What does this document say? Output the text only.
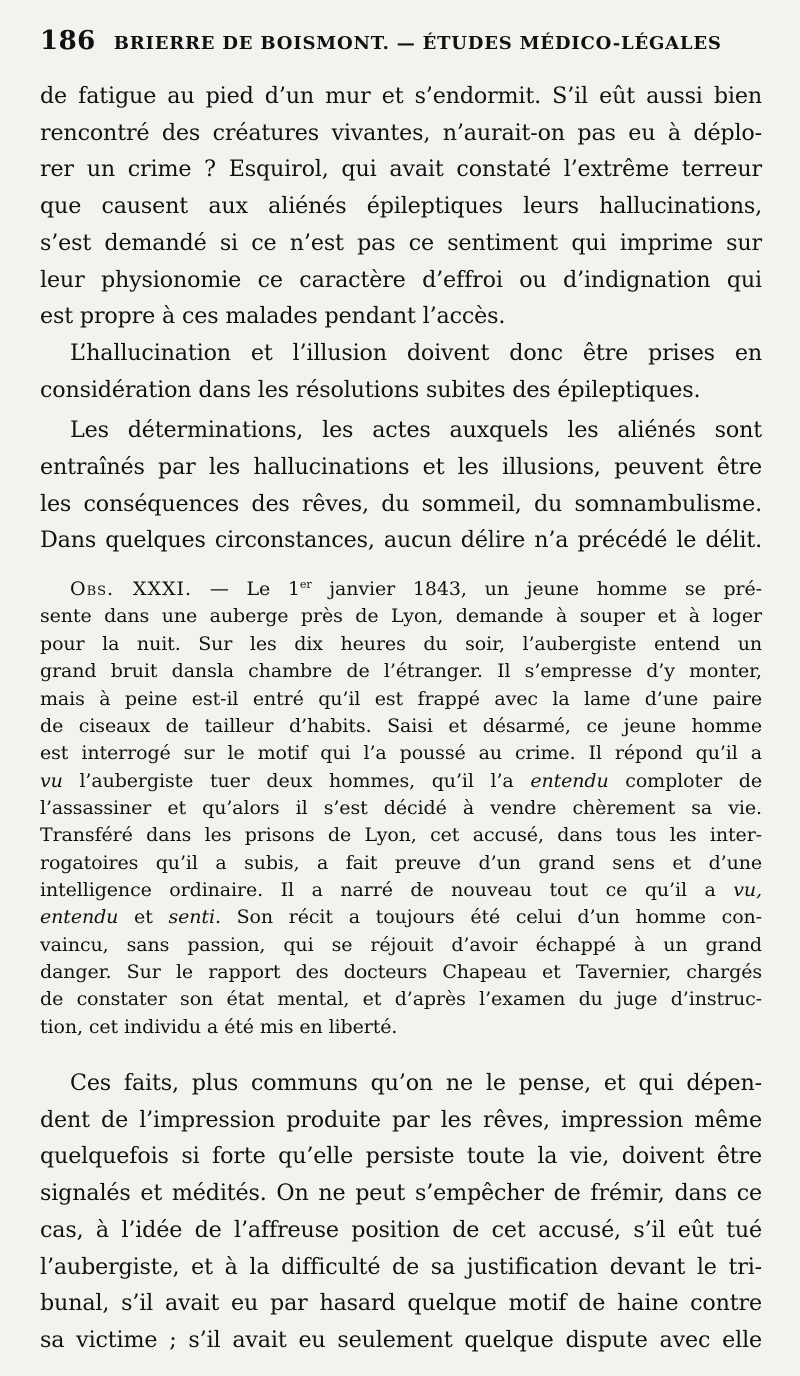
186 BRIERRE DE BOISMONT. — ÉTUDES MÉDICO-LÉGALES
de fatigue au pied d’un mur et s’endormit. S’il eût aussi bien
rencontré des créatures vivantes, n’aurait-on pas eu à déplo-
rer un crime ? Esquirol, qui avait constaté l’extrême terreur
que causent aux aliénés épileptiques leurs hallucinations,
s’est demandé si ce n’est pas ce sentiment qui imprime sur
leur physionomie ce caractère d’effroi ou d’indignation qui
est propre à ces malades pendant l’accès.
L’hallucination et l’illusion doivent donc être prises en
considération dans les résolutions subites des épileptiques.
Les déterminations, les actes auxquels les aliénés sont
entraînés par les hallucinations et les illusions, peuvent être
les conséquences des rêves, du sommeil, du somnambulisme.
Dans quelques circonstances, aucun délire n’a précédé le délit.
Obs. XXXI. — Le 1er janvier 1843, un jeune homme se pré-
sente dans une auberge près de Lyon, demande à souper et à loger
pour la nuit. Sur les dix heures du soir, l’aubergiste entend un
grand bruit dansla chambre de l’étranger. Il s’empresse d’y monter,
mais à peine est-il entré qu’il est frappé avec la lame d’une paire
de ciseaux de tailleur d’habits. Saisi et désarmé, ce jeune homme
est interrogé sur le motif qui l’a poussé au crime. Il répond qu’il a
vu l’aubergiste tuer deux hommes, qu’il l’a entendu comploter de
l’assassiner et qu’alors il s’est décidé à vendre chèrement sa vie.
Transféré dans les prisons de Lyon, cet accusé, dans tous les inter-
rogatoires qu’il a subis, a fait preuve d’un grand sens et d’une
intelligence ordinaire. Il a narré de nouveau tout ce qu’il a vu,
entendu et senti. Son récit a toujours été celui d’un homme con-
vaincu, sans passion, qui se réjouit d’avoir échappé à un grand
danger. Sur le rapport des docteurs Chapeau et Tavernier, chargés
de constater son état mental, et d’après l’examen du juge d’instruc-
tion, cet individu a été mis en liberté.
Ces faits, plus communs qu’on ne le pense, et qui dépen-
dent de l’impression produite par les rêves, impression même
quelquefois si forte qu’elle persiste toute la vie, doivent être
signalés et médités. On ne peut s’empêcher de frémir, dans ce
cas, à l’idée de l’affreuse position de cet accusé, s’il eût tué
l’aubergiste, et à la difficulté de sa justification devant le tri-
bunal, s’il avait eu par hasard quelque motif de haine contre
sa victime ; s’il avait eu seulement quelque dispute avec elle
